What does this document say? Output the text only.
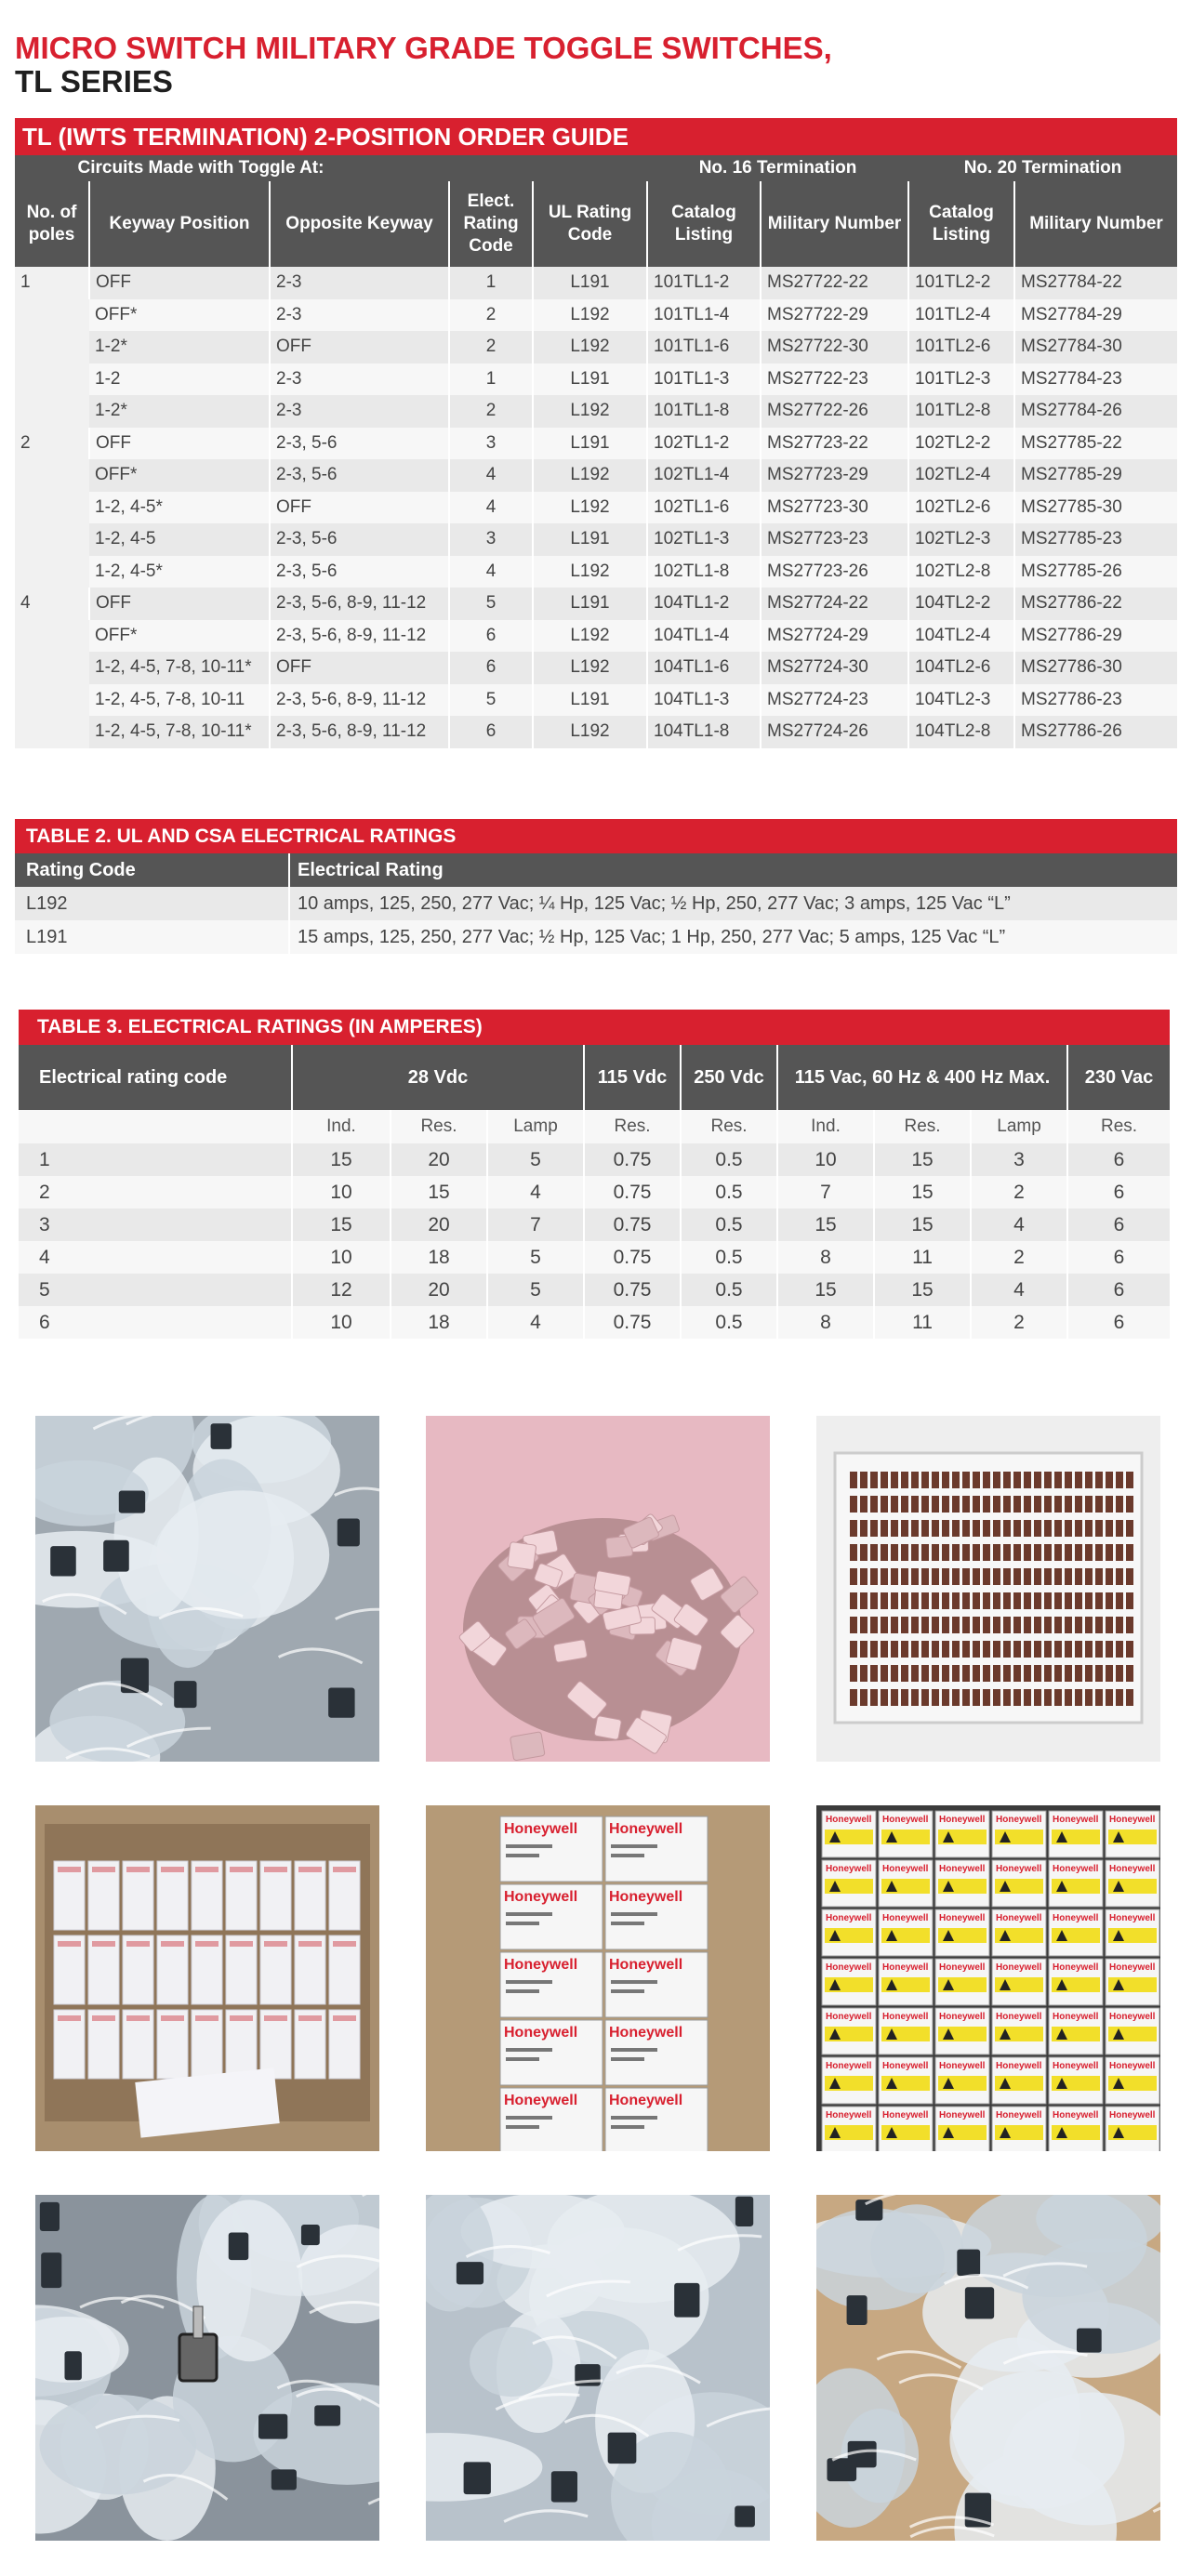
MICRO SWITCH MILITARY GRADE TOGGLE SWITCHES,
TL SERIES
TL (IWTS TERMINATION) 2-POSITION ORDER GUIDE
Circuits Made with Toggle At:					No. 16 Termination		No. 20 Termination	
No. of poles	Keyway Position	Opposite Keyway	Elect. Rating Code	UL Rating Code	Catalog Listing	Military Number	Catalog Listing	Military Number
1	OFF	2-3	1	L191	101TL1-2	MS27722-22	101TL2-2	MS27784-22
	OFF*	2-3	2	L192	101TL1-4	MS27722-29	101TL2-4	MS27784-29
	1-2*	OFF	2	L192	101TL1-6	MS27722-30	101TL2-6	MS27784-30
	1-2	2-3	1	L191	101TL1-3	MS27722-23	101TL2-3	MS27784-23
	1-2*	2-3	2	L192	101TL1-8	MS27722-26	101TL2-8	MS27784-26
2	OFF	2-3, 5-6	3	L191	102TL1-2	MS27723-22	102TL2-2	MS27785-22
	OFF*	2-3, 5-6	4	L192	102TL1-4	MS27723-29	102TL2-4	MS27785-29
	1-2, 4-5*	OFF	4	L192	102TL1-6	MS27723-30	102TL2-6	MS27785-30
	1-2, 4-5	2-3, 5-6	3	L191	102TL1-3	MS27723-23	102TL2-3	MS27785-23
	1-2, 4-5*	2-3, 5-6	4	L192	102TL1-8	MS27723-26	102TL2-8	MS27785-26
4	OFF	2-3, 5-6, 8-9, 11-12	5	L191	104TL1-2	MS27724-22	104TL2-2	MS27786-22
	OFF*	2-3, 5-6, 8-9, 11-12	6	L192	104TL1-4	MS27724-29	104TL2-4	MS27786-29
	1-2, 4-5, 7-8, 10-11*	OFF	6	L192	104TL1-6	MS27724-30	104TL2-6	MS27786-30
	1-2, 4-5, 7-8, 10-11	2-3, 5-6, 8-9, 11-12	5	L191	104TL1-3	MS27724-23	104TL2-3	MS27786-23
	1-2, 4-5, 7-8, 10-11*	2-3, 5-6, 8-9, 11-12	6	L192	104TL1-8	MS27724-26	104TL2-8	MS27786-26
TABLE 2. UL AND CSA ELECTRICAL RATINGS
Rating Code	Electrical Rating
L192	10 amps, 125, 250, 277 Vac; ¼ Hp, 125 Vac; ½ Hp, 250, 277 Vac; 3 amps, 125 Vac “L”
L191	15 amps, 125, 250, 277 Vac; ½ Hp, 125 Vac; 1 Hp, 250, 277 Vac; 5 amps, 125 Vac “L”
TABLE 3. ELECTRICAL RATINGS (IN AMPERES)
Electrical rating code	28 Vdc			115 Vdc	250 Vdc	115 Vac, 60 Hz & 400 Hz Max.			230 Vac
	Ind.	Res.	Lamp	Res.	Res.	Ind.	Res.	Lamp	Res.
1	15	20	5	0.75	0.5	10	15	3	6
2	10	15	4	0.75	0.5	7	15	2	6
3	15	20	7	0.75	0.5	15	15	4	6
4	10	18	5	0.75	0.5	8	11	2	6
5	12	20	5	0.75	0.5	15	15	4	6
6	10	18	4	0.75	0.5	8	11	2	6
Honeywell Honeywell
Honeywell Honeywell
Honeywell Honeywell
Honeywell Honeywell
Honeywell Honeywell
Honeywell Honeywell Honeywell Honeywell Honeywell Honeywell
Honeywell Honeywell Honeywell Honeywell Honeywell Honeywell
Honeywell Honeywell Honeywell Honeywell Honeywell Honeywell
Honeywell Honeywell Honeywell Honeywell Honeywell Honeywell
Honeywell Honeywell Honeywell Honeywell Honeywell Honeywell
Honeywell Honeywell Honeywell Honeywell Honeywell Honeywell
Honeywell Honeywell Honeywell Honeywell Honeywell Honeywell
